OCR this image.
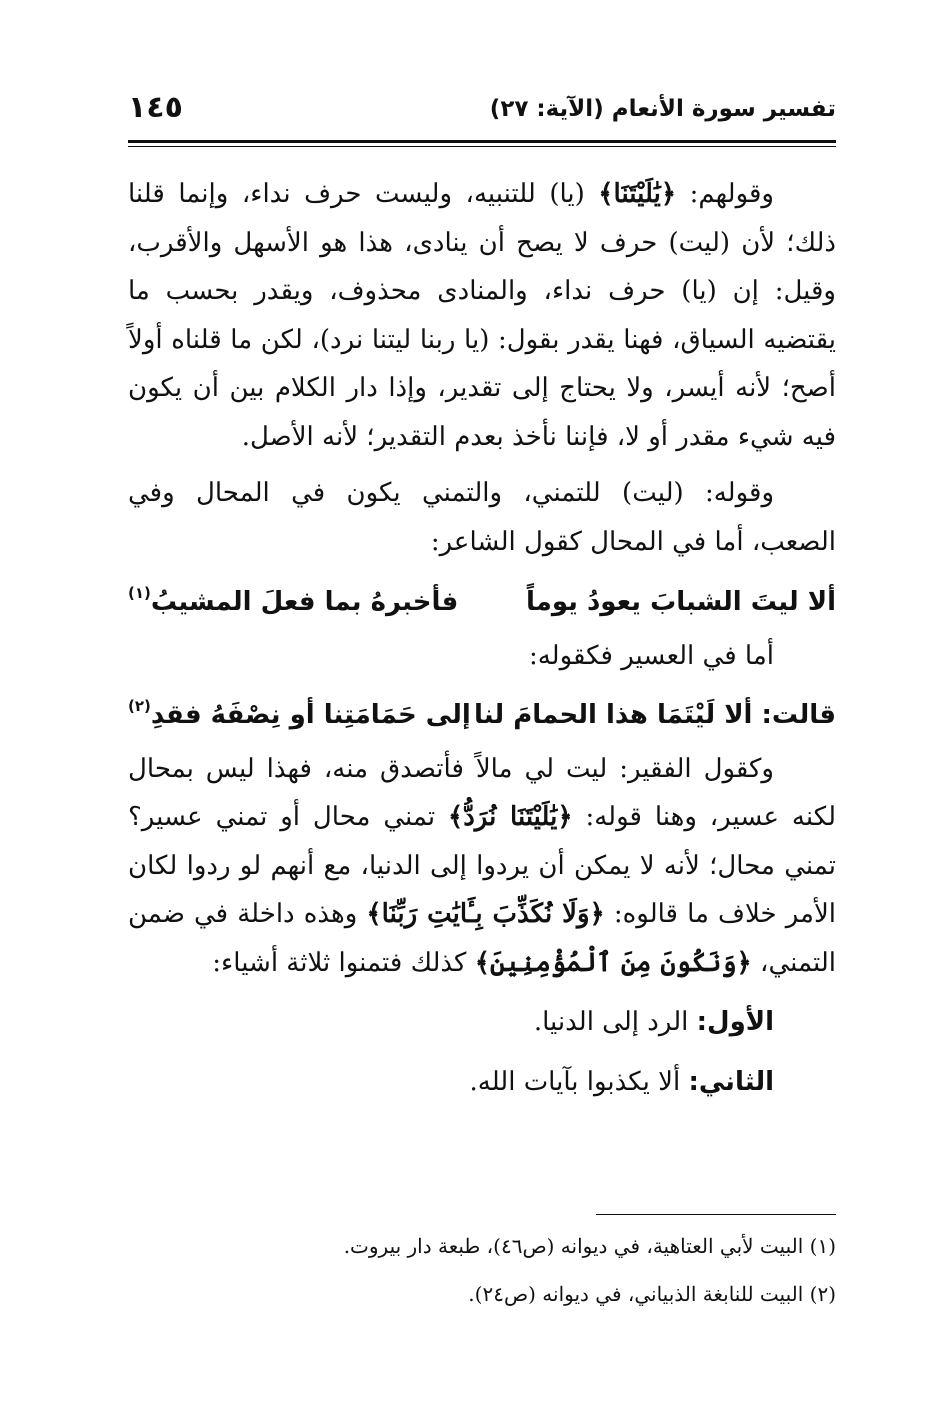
تفسير سورة الأنعام (الآية: ٢٧)
١٤٥

وقولهم: ﴿يَٰلَيْتَنَا﴾ (يا) للتنبيه، وليست حرف نداء، وإنما قلنا ذلك؛ لأن (ليت) حرف لا يصح أن ينادى، هذا هو الأسهل والأقرب، وقيل: إن (يا) حرف نداء، والمنادى محذوف، ويقدر بحسب ما يقتضيه السياق، فهنا يقدر بقول: (يا ربنا ليتنا نرد)، لكن ما قلناه أولاً أصح؛ لأنه أيسر، ولا يحتاج إلى تقدير، وإذا دار الكلام بين أن يكون فيه شيء مقدر أو لا، فإننا نأخذ بعدم التقدير؛ لأنه الأصل.

وقوله: (ليت) للتمني، والتمني يكون في المحال وفي الصعب، أما في المحال كقول الشاعر:

ألا ليتَ الشبابَ يعودُ يوماً
فأخبرهُ بما فعلَ المشيبُ$^{(١)}$

أما في العسير فكقوله:

قالت: ألا لَيْتَمَا هذا الحمامَ لنا
إلى حَمَامَتِنا أو نِصْفَهُ فقدِ$^{(٢)}$

وكقول الفقير: ليت لي مالاً فأتصدق منه، فهذا ليس بمحال لكنه عسير، وهنا قوله: ﴿يَٰلَيْتَنَا نُرَدُّ﴾ تمني محال أو تمني عسير؟ تمني محال؛ لأنه لا يمكن أن يردوا إلى الدنيا، مع أنهم لو ردوا لكان الأمر خلاف ما قالوه: ﴿وَلَا نُكَذِّبَ بِـَٔايَٰتِ رَبِّنَا﴾ وهذه داخلة في ضمن التمني، ﴿وَنَكُونَ مِنَ ٱلْمُؤْمِنِينَ﴾ كذلك فتمنوا ثلاثة أشياء:

الأول: الرد إلى الدنيا.

الثاني: ألا يكذبوا بآيات الله.

(١) البيت لأبي العتاهية، في ديوانه (ص٤٦)، طبعة دار بيروت.

(٢) البيت للنابغة الذبياني، في ديوانه (ص٢٤).
